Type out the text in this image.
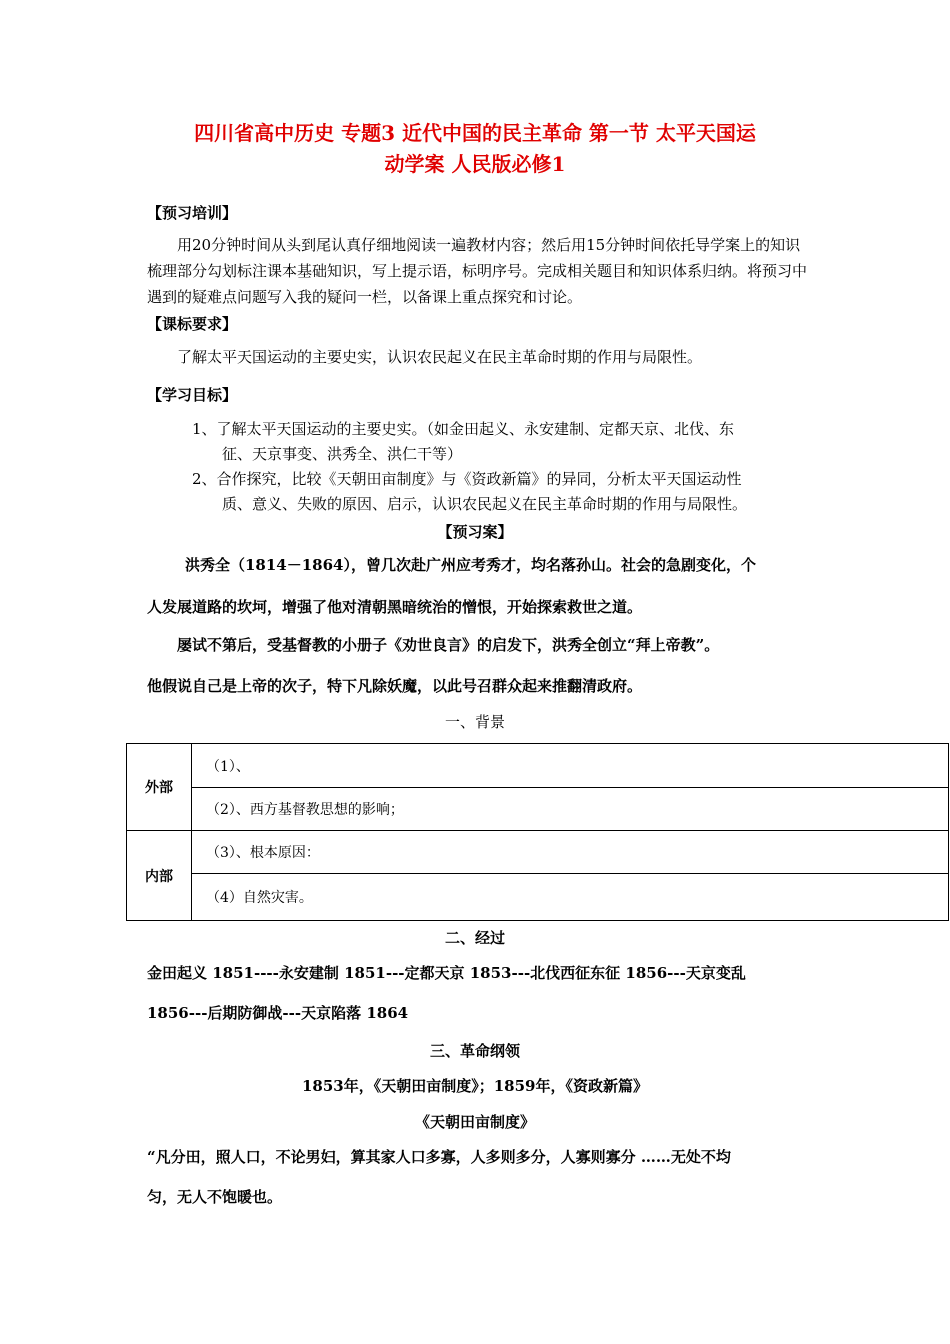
四川省高中历史 专题3 近代中国的民主革命 第一节 太平天国运
动学案 人民版必修1
【预习培训】
用20分钟时间从头到尾认真仔细地阅读一遍教材内容；然后用15分钟时间依托导学案上的知识梳理部分勾划标注课本基础知识，写上提示语，标明序号。完成相关题目和知识体系归纳。将预习中遇到的疑难点问题写入我的疑问一栏，以备课上重点探究和讨论。
【课标要求】
了解太平天国运动的主要史实，认识农民起义在民主革命时期的作用与局限性。
【学习目标】
1、了解太平天国运动的主要史实。（如金田起义、永安建制、定都天京、北伐、东
征、天京事变、洪秀全、洪仁干等）
2、合作探究，比较《天朝田亩制度》与《资政新篇》的异同，分析太平天国运动性
质、意义、失败的原因、启示，认识农民起义在民主革命时期的作用与局限性。
【预习案】
洪秀全（1814－1864），曾几次赴广州应考秀才，均名落孙山。社会的急剧变化，个
人发展道路的坎坷，增强了他对清朝黑暗统治的憎恨，开始探索救世之道。
屡试不第后，受基督教的小册子《劝世良言》的启发下，洪秀全创立“拜上帝教”。
他假说自己是上帝的次子，特下凡除妖魔，以此号召群众起来推翻清政府。
一、背景
外部	（1）、
	（2）、西方基督教思想的影响；
内部	（3）、根本原因：
	（4）自然灾害。
二、经过
金田起义 1851----永安建制 1851---定都天京 1853---北伐西征东征 1856---天京变乱
1856---后期防御战---天京陷落 1864
三、革命纲领
1853年，《天朝田亩制度》；1859年，《资政新篇》
《天朝田亩制度》
“凡分田，照人口，不论男妇，算其家人口多寡，人多则多分，人寡则寡分 ……无处不均
匀，无人不饱暖也。
